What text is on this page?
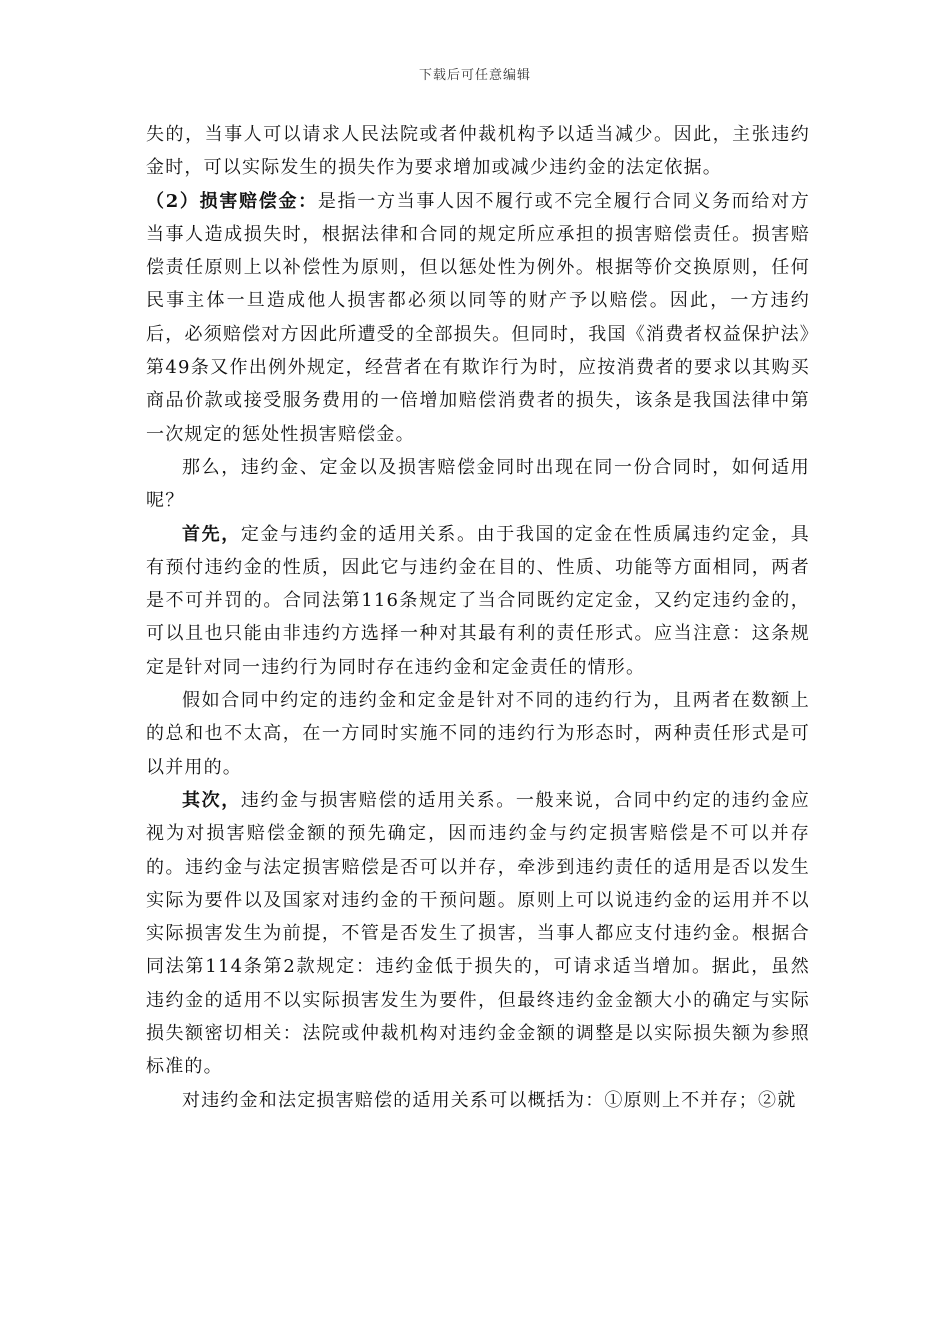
下载后可任意编辑

失的，当事人可以请求人民法院或者仲裁机构予以适当减少。因此，主张违约金时，可以实际发生的损失作为要求增加或减少违约金的法定依据。

（2）损害赔偿金：是指一方当事人因不履行或不完全履行合同义务而给对方当事人造成损失时，根据法律和合同的规定所应承担的损害赔偿责任。损害赔偿责任原则上以补偿性为原则，但以惩处性为例外。根据等价交换原则，任何民事主体一旦造成他人损害都必须以同等的财产予以赔偿。因此，一方违约后，必须赔偿对方因此所遭受的全部损失。但同时，我国《消费者权益保护法》第49条又作出例外规定，经营者在有欺诈行为时，应按消费者的要求以其购买商品价款或接受服务费用的一倍增加赔偿消费者的损失，该条是我国法律中第一次规定的惩处性损害赔偿金。

那么，违约金、定金以及损害赔偿金同时出现在同一份合同时，如何适用呢？

首先，定金与违约金的适用关系。由于我国的定金在性质属违约定金，具有预付违约金的性质，因此它与违约金在目的、性质、功能等方面相同，两者是不可并罚的。合同法第116条规定了当合同既约定定金，又约定违约金的，可以且也只能由非违约方选择一种对其最有利的责任形式。应当注意：这条规定是针对同一违约行为同时存在违约金和定金责任的情形。

假如合同中约定的违约金和定金是针对不同的违约行为，且两者在数额上的总和也不太高，在一方同时实施不同的违约行为形态时，两种责任形式是可以并用的。

其次，违约金与损害赔偿的适用关系。一般来说，合同中约定的违约金应视为对损害赔偿金额的预先确定，因而违约金与约定损害赔偿是不可以并存的。违约金与法定损害赔偿是否可以并存，牵涉到违约责任的适用是否以发生实际为要件以及国家对违约金的干预问题。原则上可以说违约金的运用并不以实际损害发生为前提，不管是否发生了损害，当事人都应支付违约金。根据合同法第114条第2款规定：违约金低于损失的，可请求适当增加。据此，虽然违约金的适用不以实际损害发生为要件，但最终违约金金额大小的确定与实际损失额密切相关：法院或仲裁机构对违约金金额的调整是以实际损失额为参照标准的。

对违约金和法定损害赔偿的适用关系可以概括为：①原则上不并存；②就
